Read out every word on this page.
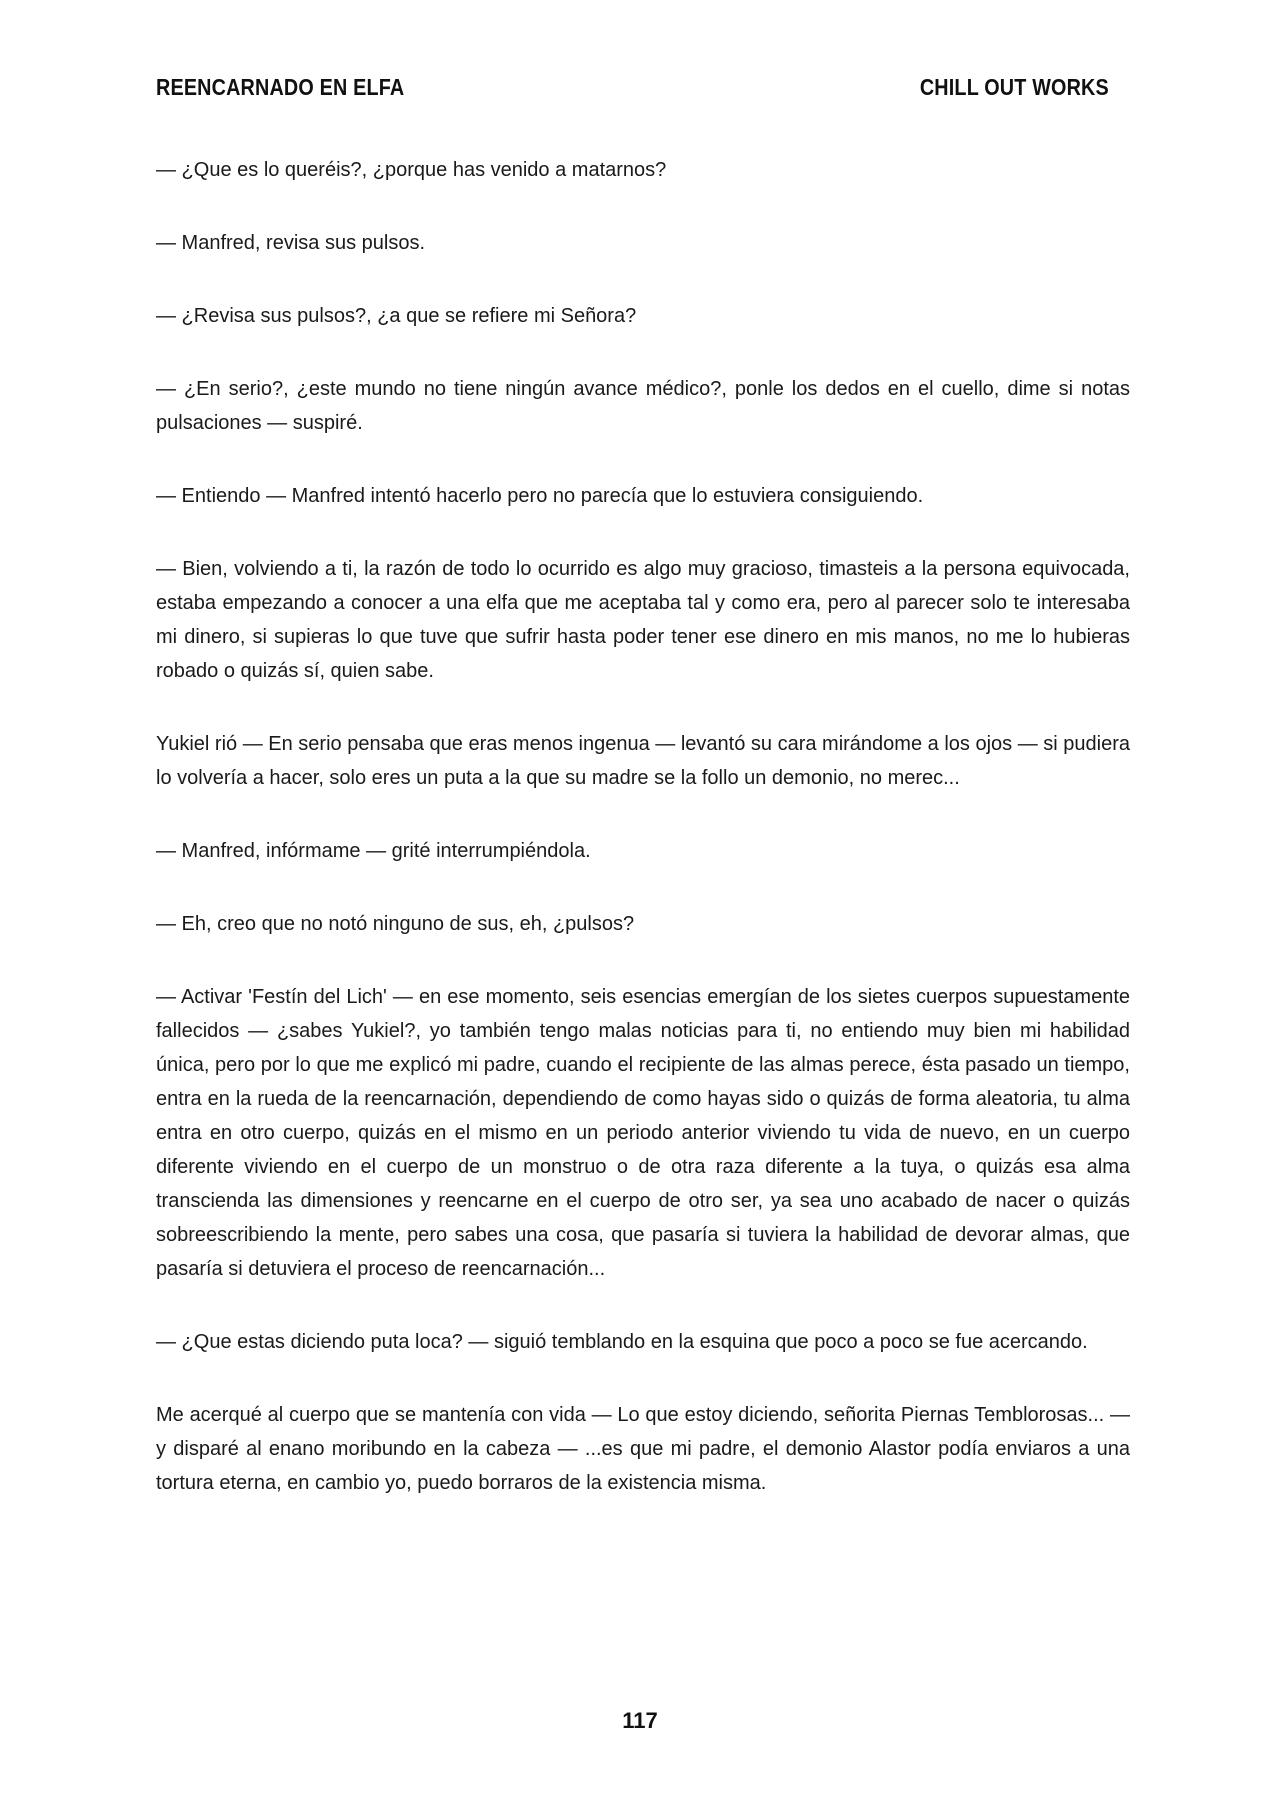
REENCARNADO EN ELFA	CHILL OUT WORKS

— ¿Que es lo queréis?, ¿porque has venido a matarnos?

— Manfred, revisa sus pulsos.

— ¿Revisa sus pulsos?, ¿a que se refiere mi Señora?

— ¿En serio?, ¿este mundo no tiene ningún avance médico?, ponle los dedos en el cuello, dime si notas pulsaciones — suspiré.

— Entiendo — Manfred intentó hacerlo pero no parecía que lo estuviera consiguiendo.

— Bien, volviendo a ti, la razón de todo lo ocurrido es algo muy gracioso, timasteis a la persona equivocada, estaba empezando a conocer a una elfa que me aceptaba tal y como era, pero al parecer solo te interesaba mi dinero, si supieras lo que tuve que sufrir hasta poder tener ese dinero en mis manos, no me lo hubieras robado o quizás sí, quien sabe.

Yukiel rió — En serio pensaba que eras menos ingenua — levantó su cara mirándome a los ojos — si pudiera lo volvería a hacer, solo eres un puta a la que su madre se la follo un demonio, no merec...

— Manfred, infórmame — grité interrumpiéndola.

— Eh, creo que no notó ninguno de sus, eh, ¿pulsos?

— Activar 'Festín del Lich' — en ese momento, seis esencias emergían de los sietes cuerpos supuestamente fallecidos — ¿sabes Yukiel?, yo también tengo malas noticias para ti, no entiendo muy bien mi habilidad única, pero por lo que me explicó mi padre, cuando el recipiente de las almas perece, ésta pasado un tiempo, entra en la rueda de la reencarnación, dependiendo de como hayas sido o quizás de forma aleatoria, tu alma entra en otro cuerpo, quizás en el mismo en un periodo anterior viviendo tu vida de nuevo, en un cuerpo diferente viviendo en el cuerpo de un monstruo o de otra raza diferente a la tuya, o quizás esa alma transcienda las dimensiones y reencarne en el cuerpo de otro ser, ya sea uno acabado de nacer o quizás sobreescribiendo la mente, pero sabes una cosa, que pasaría si tuviera la habilidad de devorar almas, que pasaría si detuviera el proceso de reencarnación...

— ¿Que estas diciendo puta loca? — siguió temblando en la esquina que poco a poco se fue acercando.

Me acerqué al cuerpo que se mantenía con vida — Lo que estoy diciendo, señorita Piernas Temblorosas... — y disparé al enano moribundo en la cabeza — ...es que mi padre, el demonio Alastor podía enviaros a una tortura eterna, en cambio yo, puedo borraros de la existencia misma.

117
